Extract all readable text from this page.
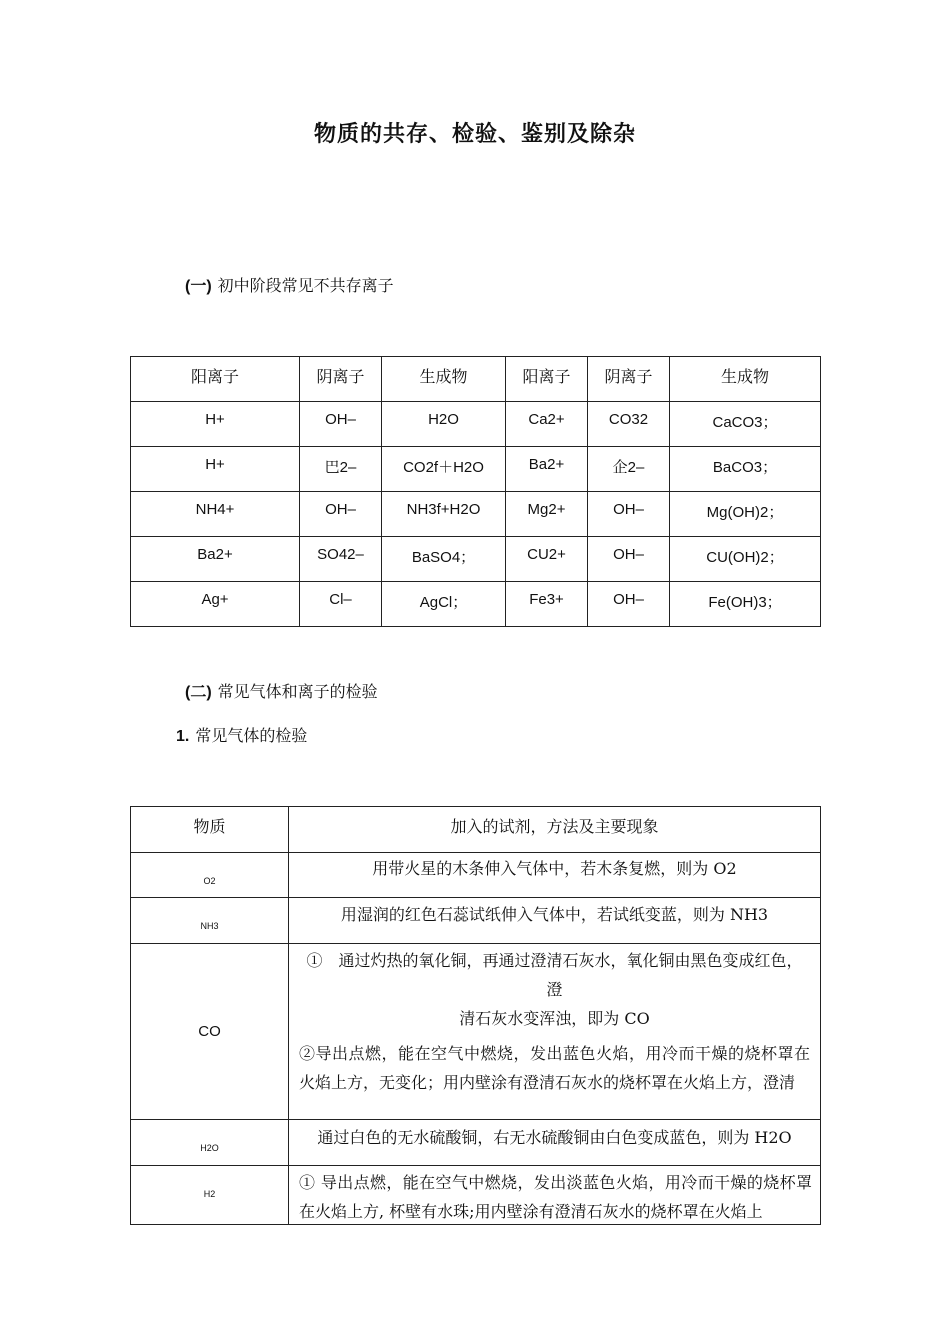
物质的共存、检验、鉴别及除杂
(一) 初中阶段常见不共存离子
阳离子	阴离子	生成物	阳离子	阴离子	生成物
H+	OH–	H2O	Ca2+	CO32	CaCO3；
H+	巴2–	CO2f＋H2O	Ba2+	企2–	BaCO3；
NH4+	OH–	NH3f+H2O	Mg2+	OH–	Mg(OH)2；
Ba2+	SO42–	BaSO4；	CU2+	OH–	CU(OH)2；
Ag+	Cl–	AgCl；	Fe3+	OH–	Fe(OH)3；
(二) 常见气体和离子的检验
1. 常见气体的检验
物质	加入的试剂，方法及主要现象
O2	用带火星的木条伸入气体中，若木条复燃，则为 O2
NH3	用湿润的红色石蕊试纸伸入气体中，若试纸变蓝，则为 NH3
CO	①　通过灼热的氧化铜，再通过澄清石灰水，氧化铜由黑色变成红色，澄
清石灰水变浑浊，即为 CO
②导出点燃，能在空气中燃烧，发出蓝色火焰，用冷而干燥的烧杯罩在火焰上方，无变化；用内壁涂有澄清石灰水的烧杯罩在火焰上方，澄清

H2O	通过白色的无水硫酸铜，右无水硫酸铜由白色变成蓝色，则为 H2O
H2	① 导出点燃，能在空气中燃烧，发出淡蓝色火焰，用冷而干燥的烧杯罩在火焰上方, 杯壁有水珠;用内壁涂有澄清石灰水的烧杯罩在火焰上
